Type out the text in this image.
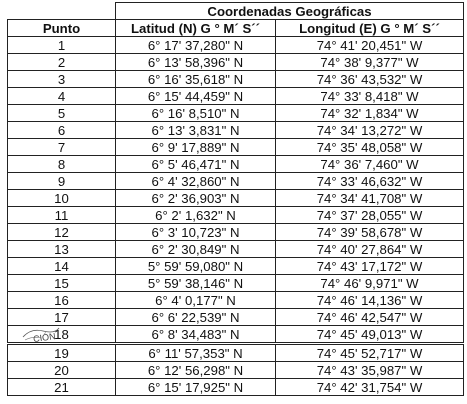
	Coordenadas Geográficas	
Punto	Latitud (N) G ° M´ S´´	Longitud (E) G ° M´ S´´
1	6° 17' 37,280" N	74° 41' 20,451" W
2	6° 13' 58,396" N	74° 38' 9,377" W
3	6° 16' 35,618" N	74° 36' 43,532" W
4	6° 15' 44,459" N	74° 33' 8,418" W
5	6° 16' 8,510" N	74° 32' 1,834" W
6	6° 13' 3,831" N	74° 34' 13,272" W
7	6° 9' 17,889" N	74° 35' 48,058" W
8	6° 5' 46,471" N	74° 36' 7,460" W
9	6° 4' 32,860" N	74° 33' 46,632" W
10	6° 2' 36,903" N	74° 34' 41,708" W
11	6° 2' 1,632" N	74° 37' 28,055" W
12	6° 3' 10,723" N	74° 39' 58,678" W
13	6° 2' 30,849" N	74° 40' 27,864" W
14	5° 59' 59,080" N	74° 43' 17,172" W
15	5° 59' 38,146" N	74° 46' 9,971" W
16	6° 4' 0,177" N	74° 46' 14,136" W
17	6° 6' 22,539" N	74° 46' 42,547" W
18	6° 8' 34,483" N	74° 45' 49,013" W
19	6° 11' 57,353" N	74° 45' 52,717" W
20	6° 12' 56,298" N	74° 43' 35,987" W
21	6° 15' 17,925" N	74° 42' 31,754" W
CIÓN
